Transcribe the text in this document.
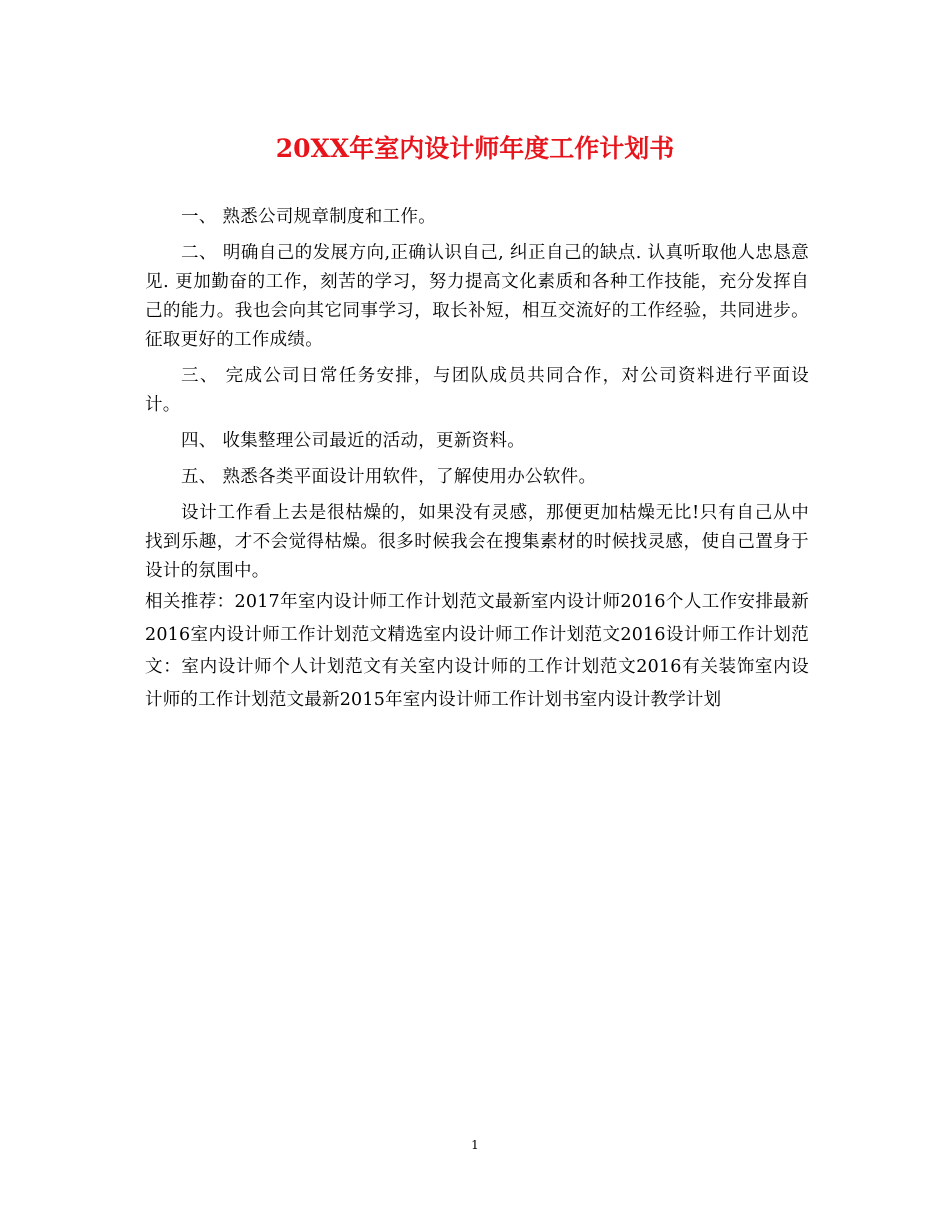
20XX年室内设计师年度工作计划书

一、 熟悉公司规章制度和工作。

二、 明确自己的发展方向,正确认识自己, 纠正自己的缺点. 认真听取他人忠恳意见. 更加勤奋的工作，刻苦的学习，努力提高文化素质和各种工作技能，充分发挥自己的能力。我也会向其它同事学习，取长补短，相互交流好的工作经验，共同进步。征取更好的工作成绩。

三、 完成公司日常任务安排，与团队成员共同合作，对公司资料进行平面设计。

四、 收集整理公司最近的活动，更新资料。

五、 熟悉各类平面设计用软件，了解使用办公软件。

设计工作看上去是很枯燥的，如果没有灵感，那便更加枯燥无比!只有自己从中找到乐趣，才不会觉得枯燥。很多时候我会在搜集素材的时候找灵感，使自己置身于设计的氛围中。

相关推荐：2017年室内设计师工作计划范文最新室内设计师2016个人工作安排最新2016室内设计师工作计划范文精选室内设计师工作计划范文2016设计师工作计划范文：室内设计师个人计划范文有关室内设计师的工作计划范文2016有关装饰室内设计师的工作计划范文最新2015年室内设计师工作计划书室内设计教学计划

1
